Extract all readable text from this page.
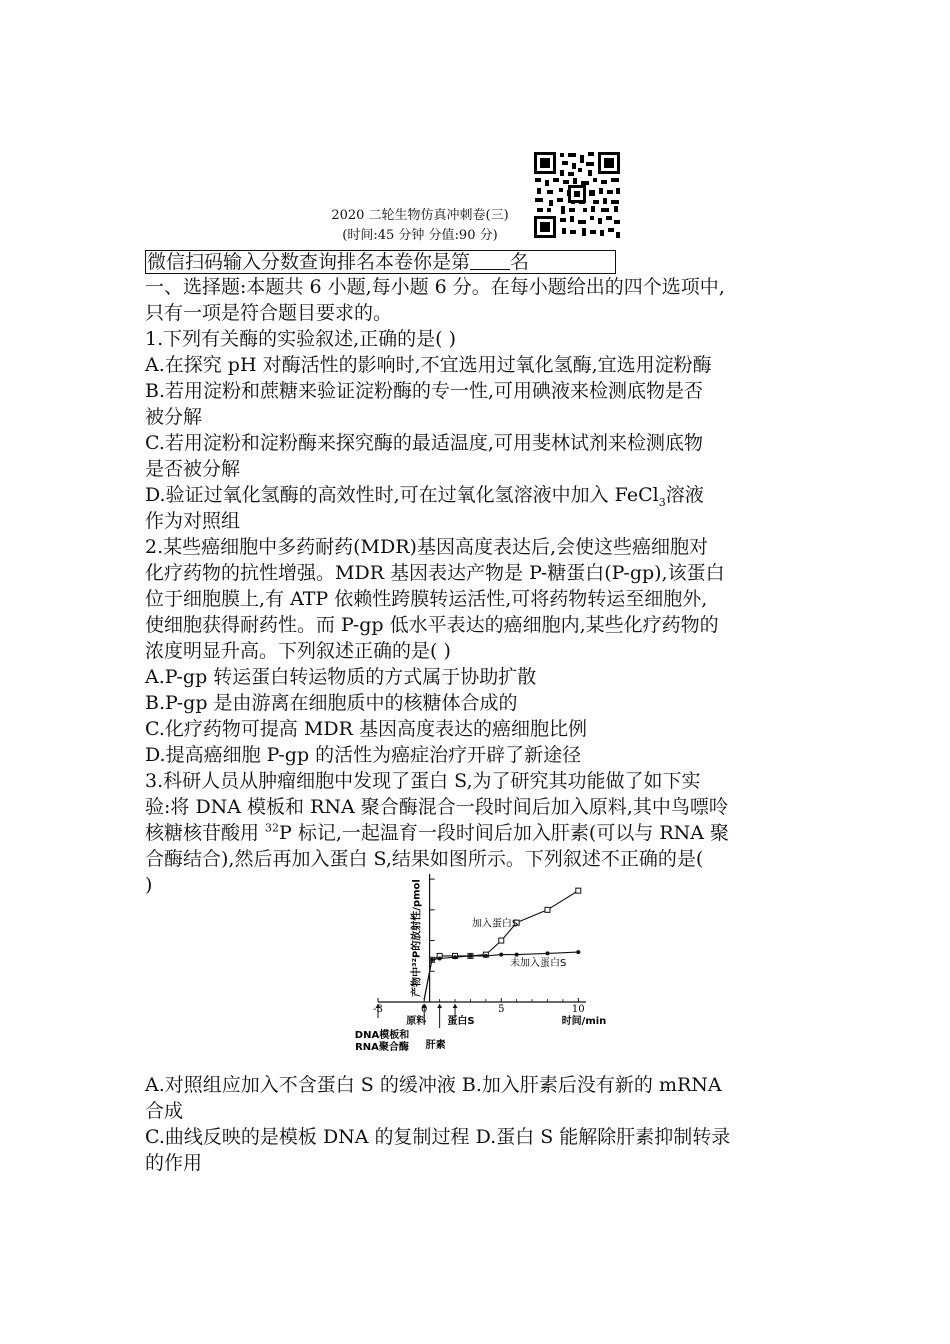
2020 二轮生物仿真冲刺卷(三)
(时间:45 分钟 分值:90 分)
微信扫码输入分数查询排名本卷你是第 名

一、选择题:本题共 6 小题,每小题 6 分。在每小题给出的四个选项中,

只有一项是符合题目要求的。

1.下列有关酶的实验叙述,正确的是( )

A.在探究 pH 对酶活性的影响时,不宜选用过氧化氢酶,宜选用淀粉酶

B.若用淀粉和蔗糖来验证淀粉酶的专一性,可用碘液来检测底物是否

被分解

C.若用淀粉和淀粉酶来探究酶的最适温度,可用斐林试剂来检测底物

是否被分解

D.验证过氧化氢酶的高效性时,可在过氧化氢溶液中加入 FeCl$_3$溶液

作为对照组

2.某些癌细胞中多药耐药(MDR)基因高度表达后,会使这些癌细胞对

化疗药物的抗性增强。MDR 基因表达产物是 P-糖蛋白(P-gp),该蛋白

位于细胞膜上,有 ATP 依赖性跨膜转运活性,可将药物转运至细胞外,

使细胞获得耐药性。而 P-gp 低水平表达的癌细胞内,某些化疗药物的

浓度明显升高。下列叙述正确的是( )

A.P-gp 转运蛋白转运物质的方式属于协助扩散

B.P-gp 是由游离在细胞质中的核糖体合成的

C.化疗药物可提高 MDR 基因高度表达的癌细胞比例

D.提高癌细胞 P-gp 的活性为癌症治疗开辟了新途径

3.科研人员从肿瘤细胞中发现了蛋白 S,为了研究其功能做了如下实

验:将 DNA 模板和 RNA 聚合酶混合一段时间后加入原料,其中鸟嘌呤

核糖核苷酸用 $^{32}$P 标记,一起温育一段时间后加入肝素(可以与 RNA 聚

合酶结合),然后再加入蛋白 S,结果如图所示。下列叙述不正确的是(

)

-3	0	5	10
时间/min
产物中³²P的放射性/pmol	加入蛋白S
未加入蛋白S
DNA模板和
RNA聚合酶
原料
肝素
蛋白S

A.对照组应加入不含蛋白 S 的缓冲液 B.加入肝素后没有新的 mRNA

合成

C.曲线反映的是模板 DNA 的复制过程 D.蛋白 S 能解除肝素抑制转录

的作用
